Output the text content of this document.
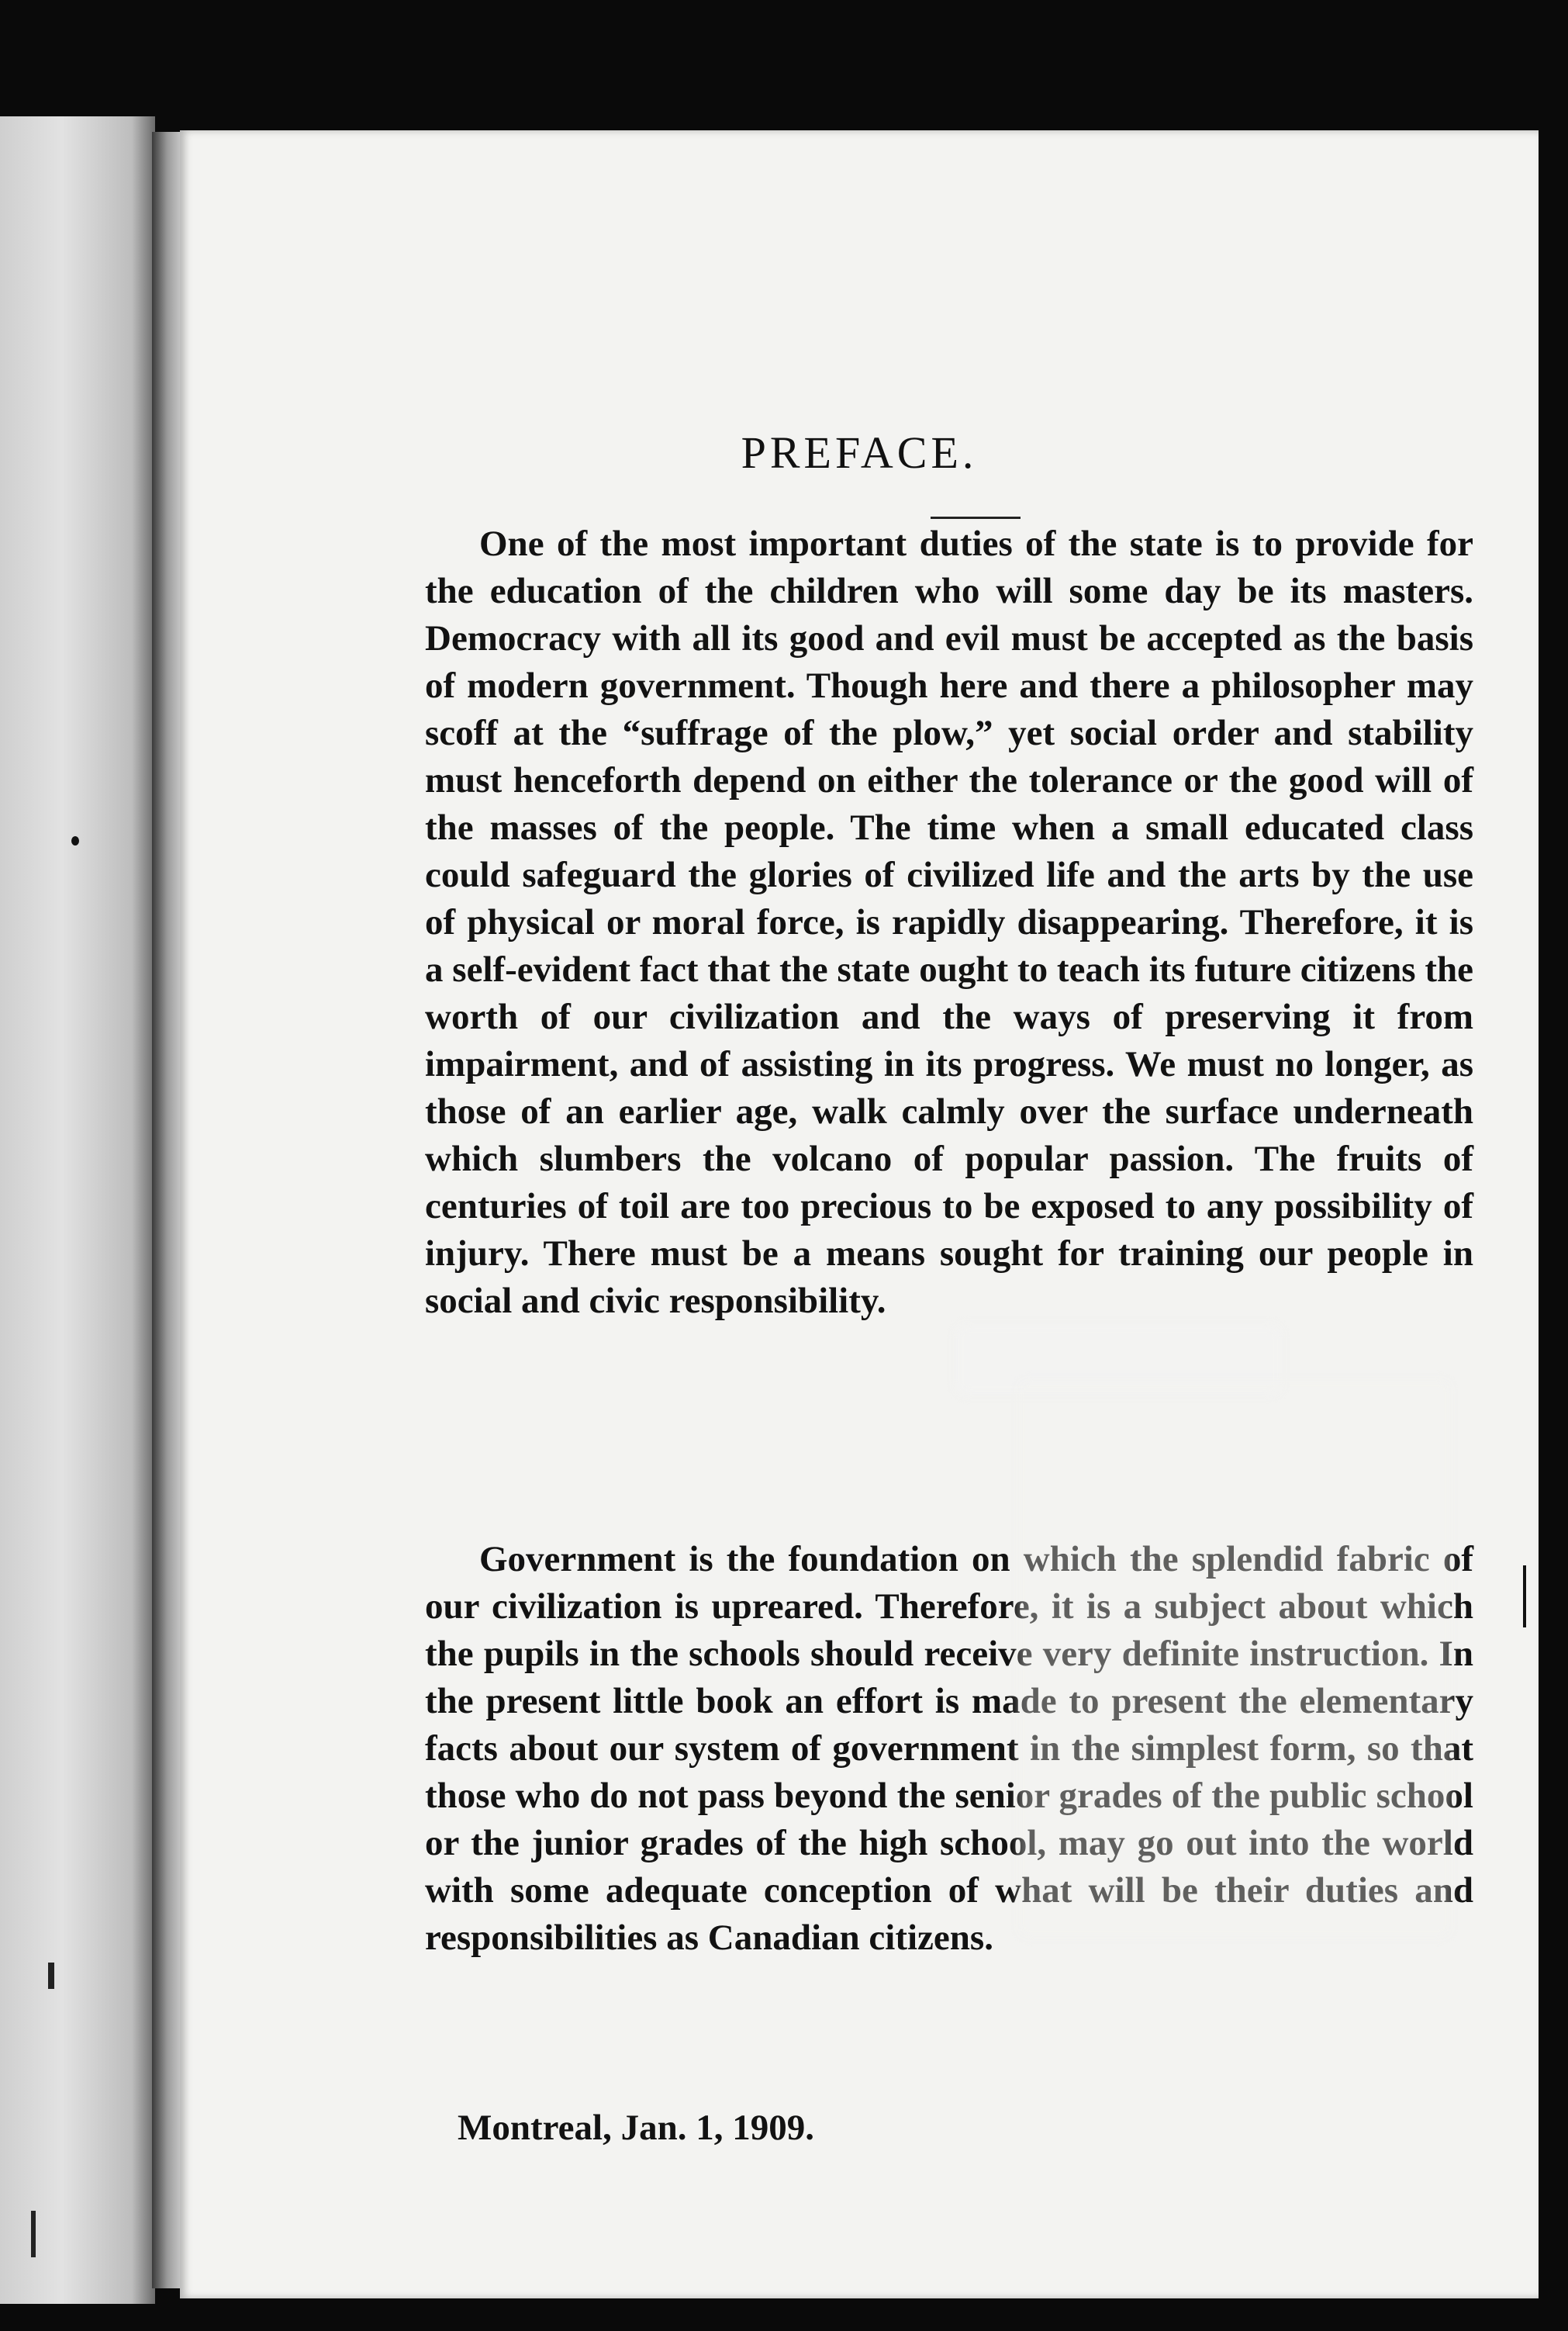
PREFACE.

One of the most important duties of the state is to provide for the education of the children who will some day be its masters. Democracy with all its good and evil must be accepted as the basis of modern government. Though here and there a philosopher may scoff at the “suffrage of the plow,” yet social order and stability must henceforth depend on either the tolerance or the good will of the masses of the people. The time when a small educated class could safeguard the glories of civilized life and the arts by the use of physical or moral force, is rapidly disappearing. Therefore, it is a self-evident fact that the state ought to teach its future citizens the worth of our civilization and the ways of preserving it from impairment, and of assisting in its progress. We must no longer, as those of an earlier age, walk calmly over the surface underneath which slumbers the volcano of popular passion. The fruits of centuries of toil are too precious to be exposed to any possibility of injury. There must be a means sought for training our people in social and civic responsibility.

Government is the foundation on which the splendid fabric of our civilization is upreared. Therefore, it is a subject about which the pupils in the schools should receive very definite instruction. In the present little book an effort is made to present the elementary facts about our system of government in the simplest form, so that those who do not pass beyond the senior grades of the public school or the junior grades of the high school, may go out into the world with some adequate conception of what will be their duties and responsibilities as Canadian citizens.

Montreal, Jan. 1, 1909.
